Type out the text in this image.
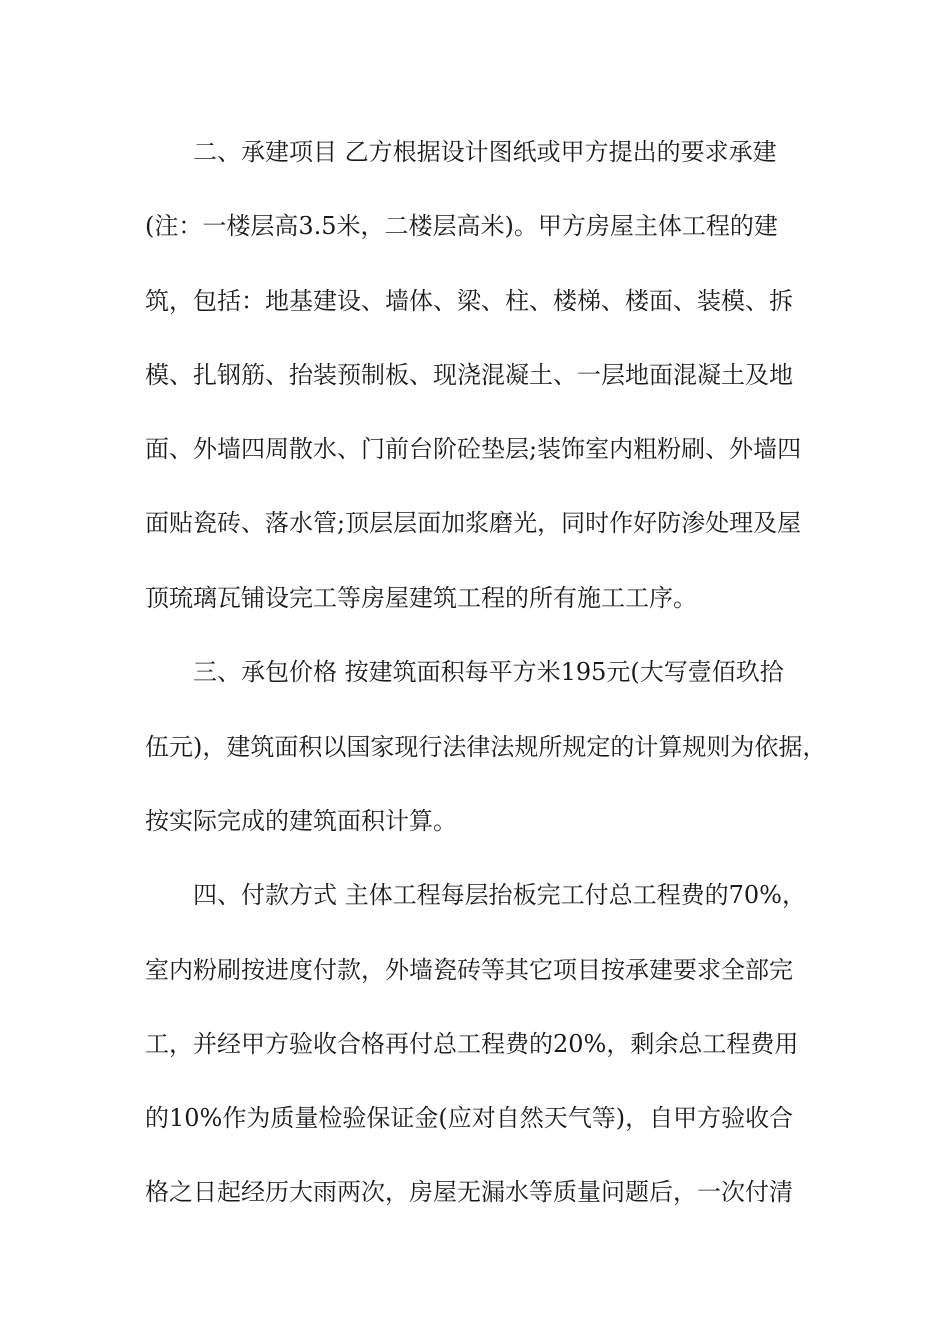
二、承建项目 乙方根据设计图纸或甲方提出的要求承建
(注：一楼层高3.5米，二楼层高米)。甲方房屋主体工程的建
筑，包括：地基建设、墙体、梁、柱、楼梯、楼面、装模、拆
模、扎钢筋、抬装预制板、现浇混凝土、一层地面混凝土及地
面、外墙四周散水、门前台阶砼垫层;装饰室内粗粉刷、外墙四
面贴瓷砖、落水管;顶层层面加浆磨光，同时作好防渗处理及屋
顶琉璃瓦铺设完工等房屋建筑工程的所有施工工序。
三、承包价格 按建筑面积每平方米195元(大写壹佰玖拾
伍元)，建筑面积以国家现行法律法规所规定的计算规则为依据，
按实际完成的建筑面积计算。
四、付款方式 主体工程每层抬板完工付总工程费的70%，
室内粉刷按进度付款，外墙瓷砖等其它项目按承建要求全部完
工，并经甲方验收合格再付总工程费的20%，剩余总工程费用
的10%作为质量检验保证金(应对自然天气等)，自甲方验收合
格之日起经历大雨两次，房屋无漏水等质量问题后，一次付清
